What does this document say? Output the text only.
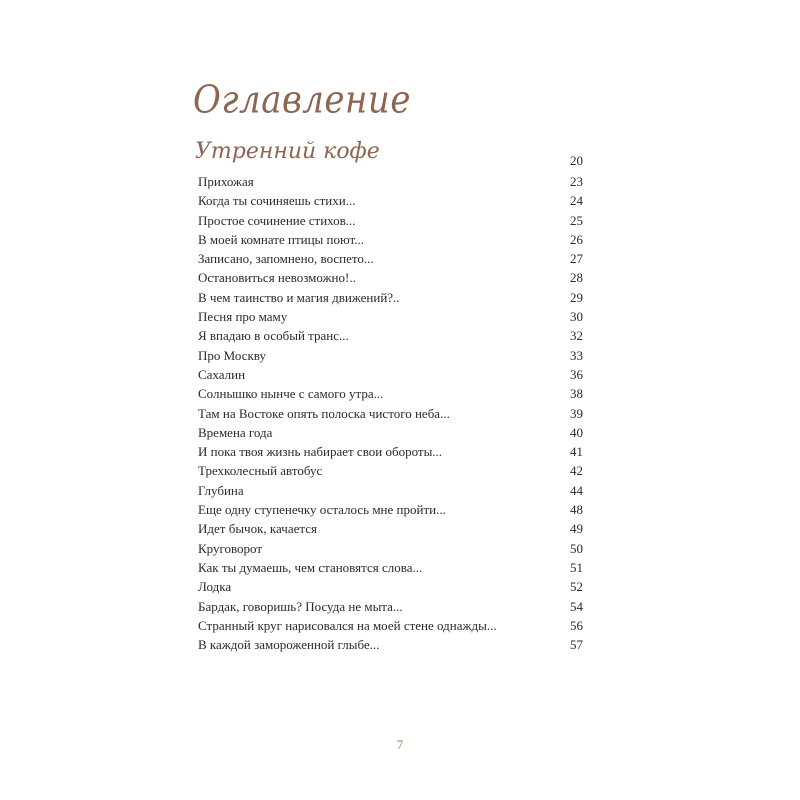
Оглавление
Утренний кофе	20
Прихожая	23
Когда ты сочиняешь стихи...	24
Простое сочинение стихов...	25
В моей комнате птицы поют...	26
Записано, запомнено, воспето...	27
Остановиться невозможно!..	28
В чем таинство и магия движений?..	29
Песня про маму	30
Я впадаю в особый транс...	32
Про Москву	33
Сахалин	36
Солнышко нынче с самого утра...	38
Там на Востоке опять полоска чистого неба...	39
Времена года	40
И пока твоя жизнь набирает свои обороты...	41
Трехколесный автобус	42
Глубина	44
Еще одну ступенечку осталось мне пройти...	48
Идет бычок, качается	49
Круговорот	50
Как ты думаешь, чем становятся слова...	51
Лодка	52
Бардак, говоришь? Посуда не мыта...	54
Странный круг нарисовался на моей стене однажды...	56
В каждой замороженной глыбе...	57
7
